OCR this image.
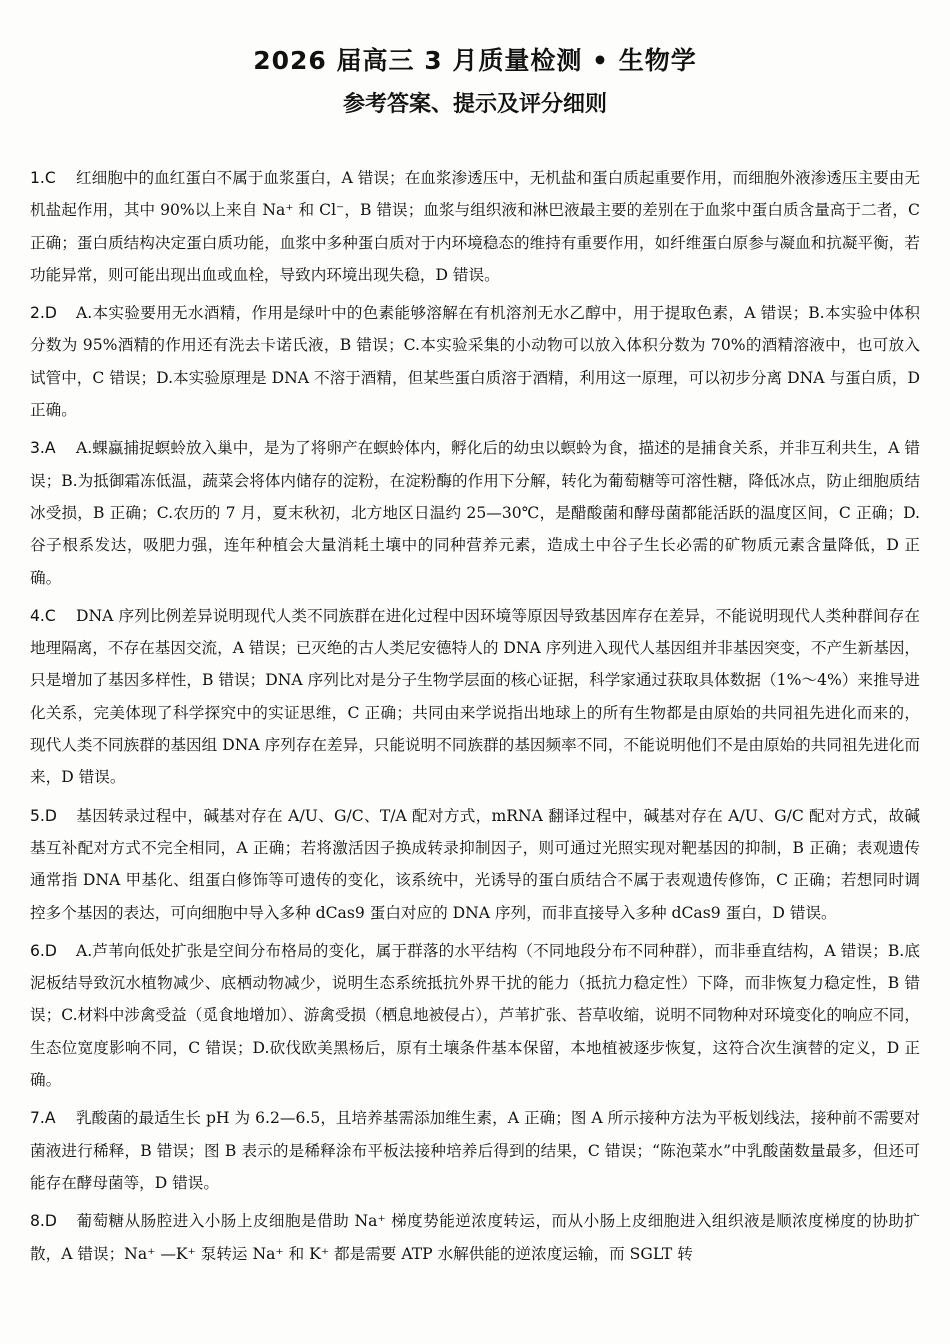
2026 届高三 3 月质量检测 • 生物学
参考答案、提示及评分细则

1.C 红细胞中的血红蛋白不属于血浆蛋白，A 错误；在血浆渗透压中，无机盐和蛋白质起重要作用，而细胞外液渗透压主要由无机盐起作用，其中 90%以上来自 Na⁺ 和 Cl⁻，B 错误；血浆与组织液和淋巴液最主要的差别在于血浆中蛋白质含量高于二者，C 正确；蛋白质结构决定蛋白质功能，血浆中多种蛋白质对于内环境稳态的维持有重要作用，如纤维蛋白原参与凝血和抗凝平衡，若功能异常，则可能出现出血或血栓，导致内环境出现失稳，D 错误。

2.D A.本实验要用无水酒精，作用是绿叶中的色素能够溶解在有机溶剂无水乙醇中，用于提取色素，A 错误；B.本实验中体积分数为 95%酒精的作用还有洗去卡诺氏液，B 错误；C.本实验采集的小动物可以放入体积分数为 70%的酒精溶液中，也可放入试管中，C 错误；D.本实验原理是 DNA 不溶于酒精，但某些蛋白质溶于酒精，利用这一原理，可以初步分离 DNA 与蛋白质，D 正确。

3.A A.蜾蠃捕捉螟蛉放入巢中，是为了将卵产在螟蛉体内，孵化后的幼虫以螟蛉为食，描述的是捕食关系，并非互利共生，A 错误；B.为抵御霜冻低温，蔬菜会将体内储存的淀粉，在淀粉酶的作用下分解，转化为葡萄糖等可溶性糖，降低冰点，防止细胞质结冰受损，B 正确；C.农历的 7 月，夏末秋初，北方地区日温约 25—30℃，是醋酸菌和酵母菌都能活跃的温度区间，C 正确；D.谷子根系发达，吸肥力强，连年种植会大量消耗土壤中的同种营养元素，造成土中谷子生长必需的矿物质元素含量降低，D 正确。

4.C DNA 序列比例差异说明现代人类不同族群在进化过程中因环境等原因导致基因库存在差异，不能说明现代人类种群间存在地理隔离，不存在基因交流，A 错误；已灭绝的古人类尼安德特人的 DNA 序列进入现代人基因组并非基因突变，不产生新基因，只是增加了基因多样性，B 错误；DNA 序列比对是分子生物学层面的核心证据，科学家通过获取具体数据（1%～4%）来推导进化关系，完美体现了科学探究中的实证思维，C 正确；共同由来学说指出地球上的所有生物都是由原始的共同祖先进化而来的，现代人类不同族群的基因组 DNA 序列存在差异，只能说明不同族群的基因频率不同，不能说明他们不是由原始的共同祖先进化而来，D 错误。

5.D 基因转录过程中，碱基对存在 A/U、G/C、T/A 配对方式，mRNA 翻译过程中，碱基对存在 A/U、G/C 配对方式，故碱基互补配对方式不完全相同，A 正确；若将激活因子换成转录抑制因子，则可通过光照实现对靶基因的抑制，B 正确；表观遗传通常指 DNA 甲基化、组蛋白修饰等可遗传的变化，该系统中，光诱导的蛋白质结合不属于表观遗传修饰，C 正确；若想同时调控多个基因的表达，可向细胞中导入多种 dCas9 蛋白对应的 DNA 序列，而非直接导入多种 dCas9 蛋白，D 错误。

6.D A.芦苇向低处扩张是空间分布格局的变化，属于群落的水平结构（不同地段分布不同种群），而非垂直结构，A 错误；B.底泥板结导致沉水植物减少、底栖动物减少，说明生态系统抵抗外界干扰的能力（抵抗力稳定性）下降，而非恢复力稳定性，B 错误；C.材料中涉禽受益（觅食地增加）、游禽受损（栖息地被侵占），芦苇扩张、苔草收缩，说明不同物种对环境变化的响应不同，生态位宽度影响不同，C 错误；D.砍伐欧美黑杨后，原有土壤条件基本保留，本地植被逐步恢复，这符合次生演替的定义，D 正确。

7.A 乳酸菌的最适生长 pH 为 6.2—6.5，且培养基需添加维生素，A 正确；图 A 所示接种方法为平板划线法，接种前不需要对菌液进行稀释，B 错误；图 B 表示的是稀释涂布平板法接种培养后得到的结果，C 错误；“陈泡菜水”中乳酸菌数量最多，但还可能存在酵母菌等，D 错误。

8.D 葡萄糖从肠腔进入小肠上皮细胞是借助 Na⁺ 梯度势能逆浓度转运，而从小肠上皮细胞进入组织液是顺浓度梯度的协助扩散，A 错误；Na⁺ —K⁺ 泵转运 Na⁺ 和 K⁺ 都是需要 ATP 水解供能的逆浓度运输，而 SGLT 转
